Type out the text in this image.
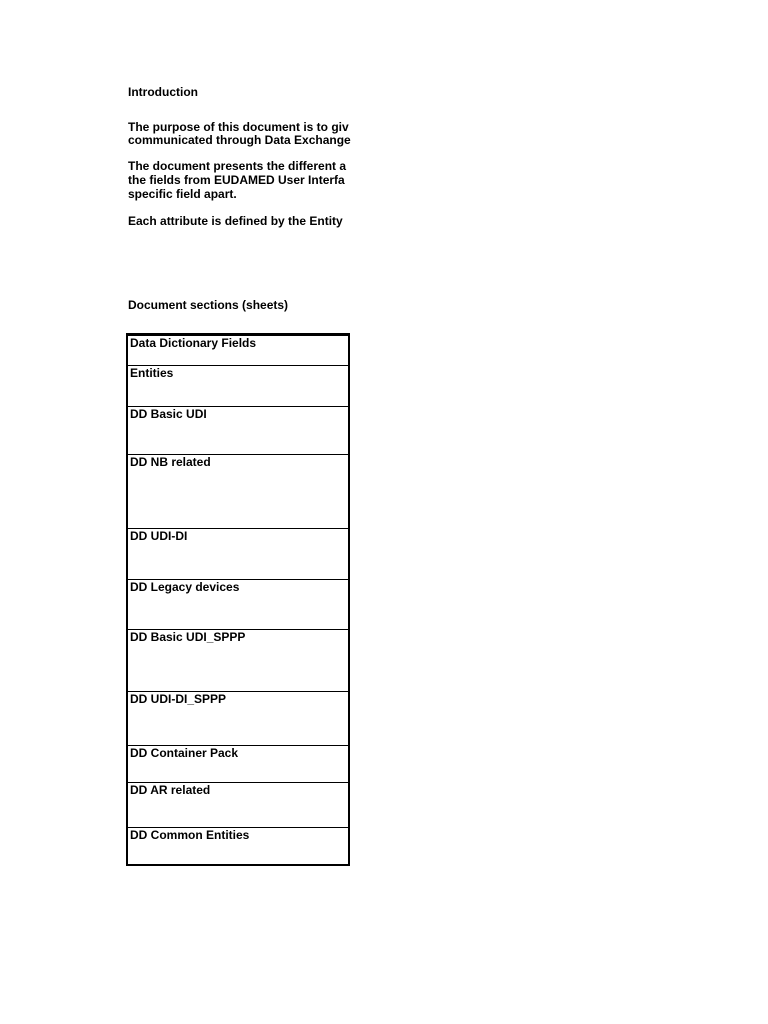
Introduction
The purpose of this document is to giv
communicated through Data Exchange
The document presents the different a
the fields from EUDAMED User Interfa
specific field apart.
Each attribute is defined by the Entity
Document sections (sheets)
Data Dictionary Fields
Entities
DD Basic UDI
DD NB related
DD UDI-DI
DD Legacy devices
DD Basic UDI_SPPP
DD UDI-DI_SPPP
DD Container Pack
DD AR related
DD Common Entities
